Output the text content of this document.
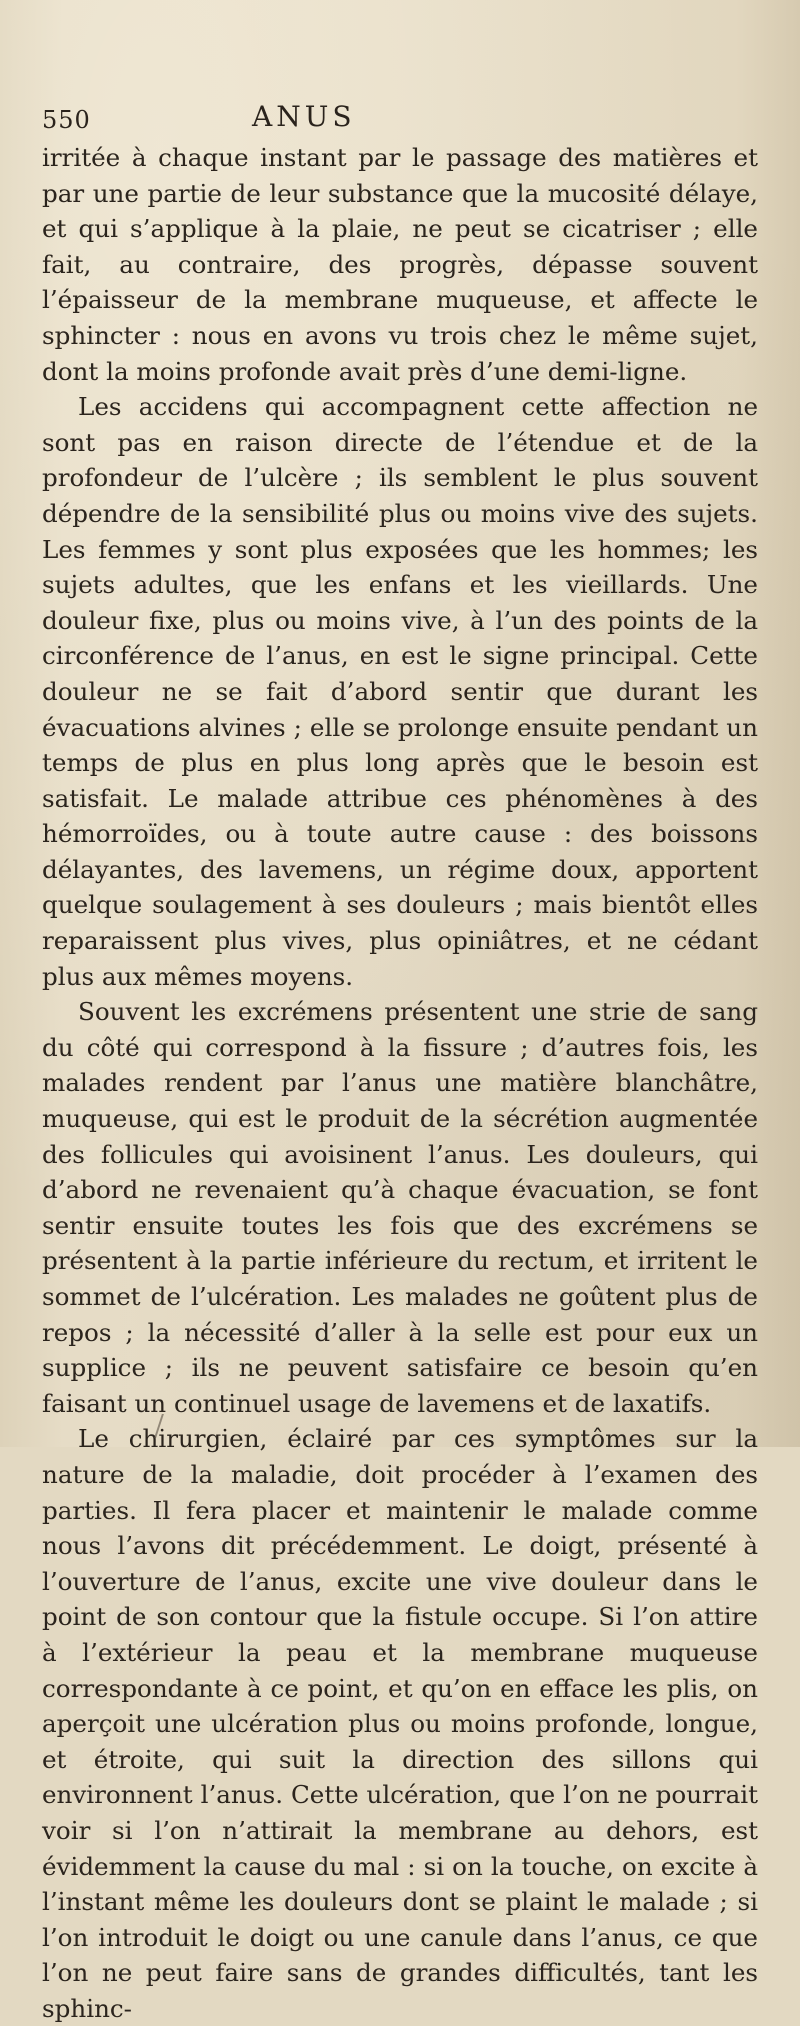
550	ANUS

irritée à chaque instant par le passage des matières et par une partie de leur substance que la mucosité délaye, et qui s’applique à la plaie, ne peut se cicatriser ; elle fait, au contraire, des progrès, dépasse souvent l’épaisseur de la membrane muqueuse, et affecte le sphincter : nous en avons vu trois chez le même sujet, dont la moins profonde avait près d’une demi-ligne.

Les accidens qui accompagnent cette affection ne sont pas en raison directe de l’étendue et de la profondeur de l’ulcère ; ils semblent le plus souvent dépendre de la sensibilité plus ou moins vive des sujets. Les femmes y sont plus exposées que les hommes; les sujets adultes, que les enfans et les vieillards. Une douleur fixe, plus ou moins vive, à l’un des points de la circonférence de l’anus, en est le signe principal. Cette douleur ne se fait d’abord sentir que durant les évacuations alvines ; elle se prolonge ensuite pendant un temps de plus en plus long après que le besoin est satisfait. Le malade attribue ces phénomènes à des hémorroïdes, ou à toute autre cause : des boissons délayantes, des lavemens, un régime doux, apportent quelque soulagement à ses douleurs ; mais bientôt elles reparaissent plus vives, plus opiniâtres, et ne cédant plus aux mêmes moyens.

Souvent les excrémens présentent une strie de sang du côté qui correspond à la fissure ; d’autres fois, les malades rendent par l’anus une matière blanchâtre, muqueuse, qui est le produit de la sécrétion augmentée des follicules qui avoisinent l’anus. Les douleurs, qui d’abord ne revenaient qu’à chaque évacuation, se font sentir ensuite toutes les fois que des excrémens se présentent à la partie inférieure du rectum, et irritent le sommet de l’ulcération. Les malades ne goûtent plus de repos ; la nécessité d’aller à la selle est pour eux un supplice ; ils ne peuvent satisfaire ce besoin qu’en faisant un continuel usage de lavemens et de laxatifs.

Le chirurgien, éclairé par ces symptômes sur la nature de la maladie, doit procéder à l’examen des parties. Il fera placer et maintenir le malade comme nous l’avons dit précédemment. Le doigt, présenté à l’ouverture de l’anus, excite une vive douleur dans le point de son contour que la fistule occupe. Si l’on attire à l’extérieur la peau et la membrane muqueuse correspondante à ce point, et qu’on en efface les plis, on aperçoit une ulcération plus ou moins profonde, longue, et étroite, qui suit la direction des sillons qui environnent l’anus. Cette ulcération, que l’on ne pourrait voir si l’on n’attirait la membrane au dehors, est évidemment la cause du mal : si on la touche, on excite à l’instant même les douleurs dont se plaint le malade ; si l’on introduit le doigt ou une canule dans l’anus, ce que l’on ne peut faire sans de grandes difficultés, tant les sphinc-
